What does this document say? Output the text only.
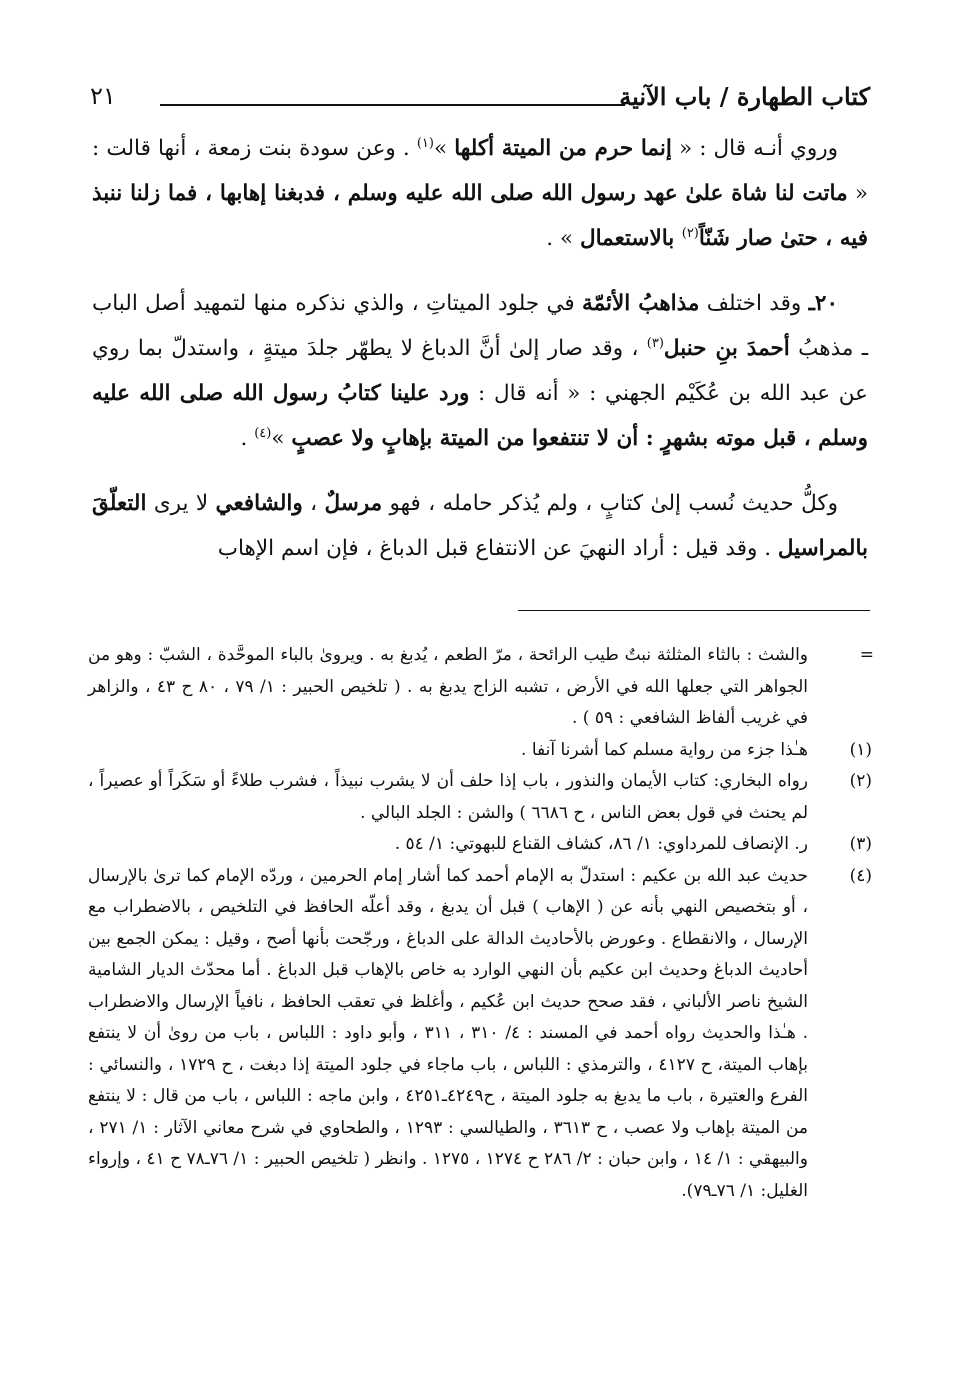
كتاب الطهارة / باب الآنية
٢١

وروي أنـه قال : « إنما حرم من الميتة أكلها »$^{(١)}$ . وعن سودة بنت زمعة ، أنها قالت : « ماتت لنا شاة علىٰ عهد رسول الله صلى الله عليه وسلم ، فدبغنا إهابها ، فما زلنا ننبذ فيه ، حتىٰ صار شَنّاً$^{(٢)}$ بالاستعمال » .

٢٠ـ وقد اختلف مذاهبُ الأئمّة في جلود الميتاتِ ، والذي نذكره منها لتمهيد أصل الباب ـ مذهبُ أحمدَ بنِ حنبل$^{(٣)}$ ، وقد صار إلىٰ أنَّ الدباغ لا يطهّر جلدَ ميتةٍ ، واستدلّ بما روي عن عبد الله بن عُكَيْم الجهني : « أنه قال : ورد علينا كتابُ رسول الله صلى الله عليه وسلم ، قبل موته بشهرٍ : أن لا تنتفعوا من الميتة بإهابٍ ولا عصبٍ »$^{(٤)}$ .

وكلُّ حديث نُسب إلىٰ كتابٍ ، ولم يُذكر حامله ، فهو مرسلٌ ، والشافعي لا يرى التعلّقَ بالمراسيل . وقد قيل : أراد النهيَ عن الانتفاع قبل الدباغ ، فإن اسم الإهاب

=
والشث : بالثاء المثلثة نبتٌ طيب الرائحة ، مرّ الطعم ، يُدبغ به . ويروىٰ بالباء الموحَّدة ، الشبّ : وهو من الجواهر التي جعلها الله في الأرض ، تشبه الزاج يدبغ به . ( تلخيص الحبير : ١/ ٧٩ ، ٨٠ ح ٤٣ ، والزاهر في غريب ألفاظ الشافعي : ٥٩ ) .
(١)
هـٰذا جزء من رواية مسلم كما أشرنا آنفا .
(٢)
رواه البخاري: كتاب الأيمان والنذور ، باب إذا حلف أن لا يشرب نبيذاً ، فشرب طلاءً أو سَكَراً أو عصيراً ، لم يحنث في قول بعض الناس ، ح ٦٦٨٦ ) والشن : الجلد البالي .
(٣)
ر. الإنصاف للمرداوي: ١/ ٨٦، كشاف القناع للبهوتي: ١/ ٥٤ .
(٤)
حديث عبد الله بن عكيم : استدلّ به الإمام أحمد كما أشار إمام الحرمين ، وردّه الإمام كما ترىٰ بالإرسال ، أو بتخصيص النهي بأنه عن ( الإهاب ) قبل أن يدبغ ، وقد أعلّه الحافظ في التلخيص ، بالاضطراب مع الإرسال ، والانقطاع . وعورض بالأحاديث الدالة على الدباغ ، ورجّحت بأنها أصح ، وقيل : يمكن الجمع بين أحاديث الدباغ وحديث ابن عكيم بأن النهي الوارد به خاص بالإهاب قبل الدباغ . أما محدّث الديار الشامية الشيخ ناصر الألباني ، فقد صحح حديث ابن عُكيم ، وأغلظ في تعقب الحافظ ، نافياً الإرسال والاضطراب . هـٰذا والحديث رواه أحمد في المسند : ٤/ ٣١٠ ، ٣١١ ، وأبو داود : اللباس ، باب من روىٰ أن لا ينتفع بإهاب الميتة، ح ٤١٢٧ ، والترمذي : اللباس ، باب ماجاء في جلود الميتة إذا دبغت ، ح ١٧٢٩ ، والنسائي : الفرع والعتيرة ، باب ما يدبغ به جلود الميتة ، ح٤٢٤٩ـ٤٢٥١ ، وابن ماجه : اللباس ، باب من قال : لا ينتفع من الميتة بإهاب ولا عصب ، ح ٣٦١٣ ، والطيالسي : ١٢٩٣ ، والطحاوي في شرح معاني الآثار : ١/ ٢٧١ ، والبيهقي : ١/ ١٤ ، وابن حبان : ٢/ ٢٨٦ ح ١٢٧٤ ، ١٢٧٥ . وانظر ( تلخيص الحبير : ١/ ٧٦ـ٧٨ ح ٤١ ، وإرواء الغليل: ١/ ٧٦ـ٧٩).
